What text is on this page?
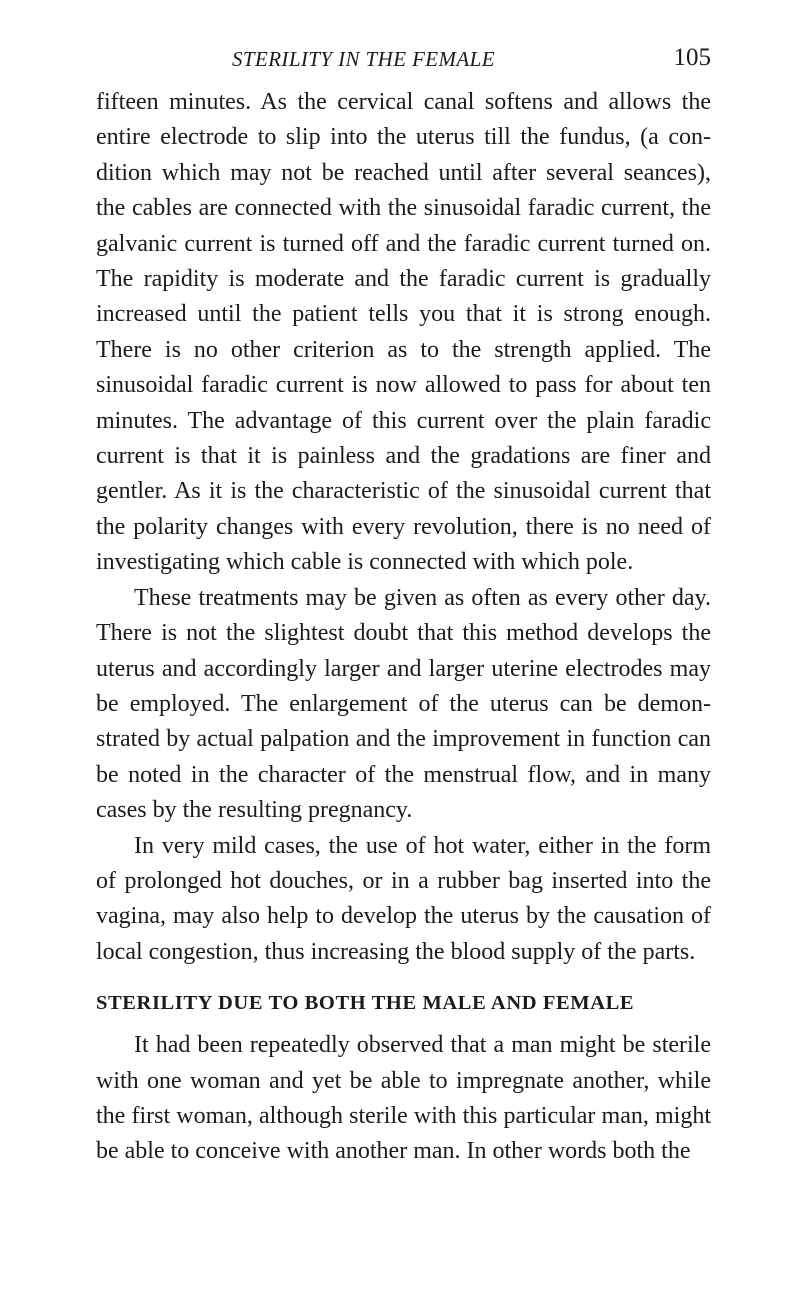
STERILITY IN THE FEMALE	105

fifteen minutes. As the cervical canal softens and allows the entire electrode to slip into the uterus till the fundus, (a condition which may not be reached until after several seances), the cables are connected with the sinusoidal faradic current, the galvanic current is turned off and the faradic current turned on. The rapidity is moderate and the faradic current is gradually increased until the patient tells you that it is strong enough. There is no other criterion as to the strength applied. The sinusoidal faradic current is now allowed to pass for about ten minutes. The advantage of this current over the plain faradic current is that it is painless and the gradations are finer and gentler. As it is the characteristic of the sinusoidal current that the polarity changes with every revolution, there is no need of investigating which cable is connected with which pole.

These treatments may be given as often as every other day. There is not the slightest doubt that this method develops the uterus and accordingly larger and larger uterine electrodes may be employed. The enlargement of the uterus can be demonstrated by actual palpation and the improvement in function can be noted in the character of the menstrual flow, and in many cases by the resulting pregnancy.

In very mild cases, the use of hot water, either in the form of prolonged hot douches, or in a rubber bag inserted into the vagina, may also help to develop the uterus by the causation of local congestion, thus increasing the blood supply of the parts.

STERILITY DUE TO BOTH THE MALE AND FEMALE

It had been repeatedly observed that a man might be sterile with one woman and yet be able to impregnate another, while the first woman, although sterile with this particular man, might be able to conceive with another man. In other words both the
